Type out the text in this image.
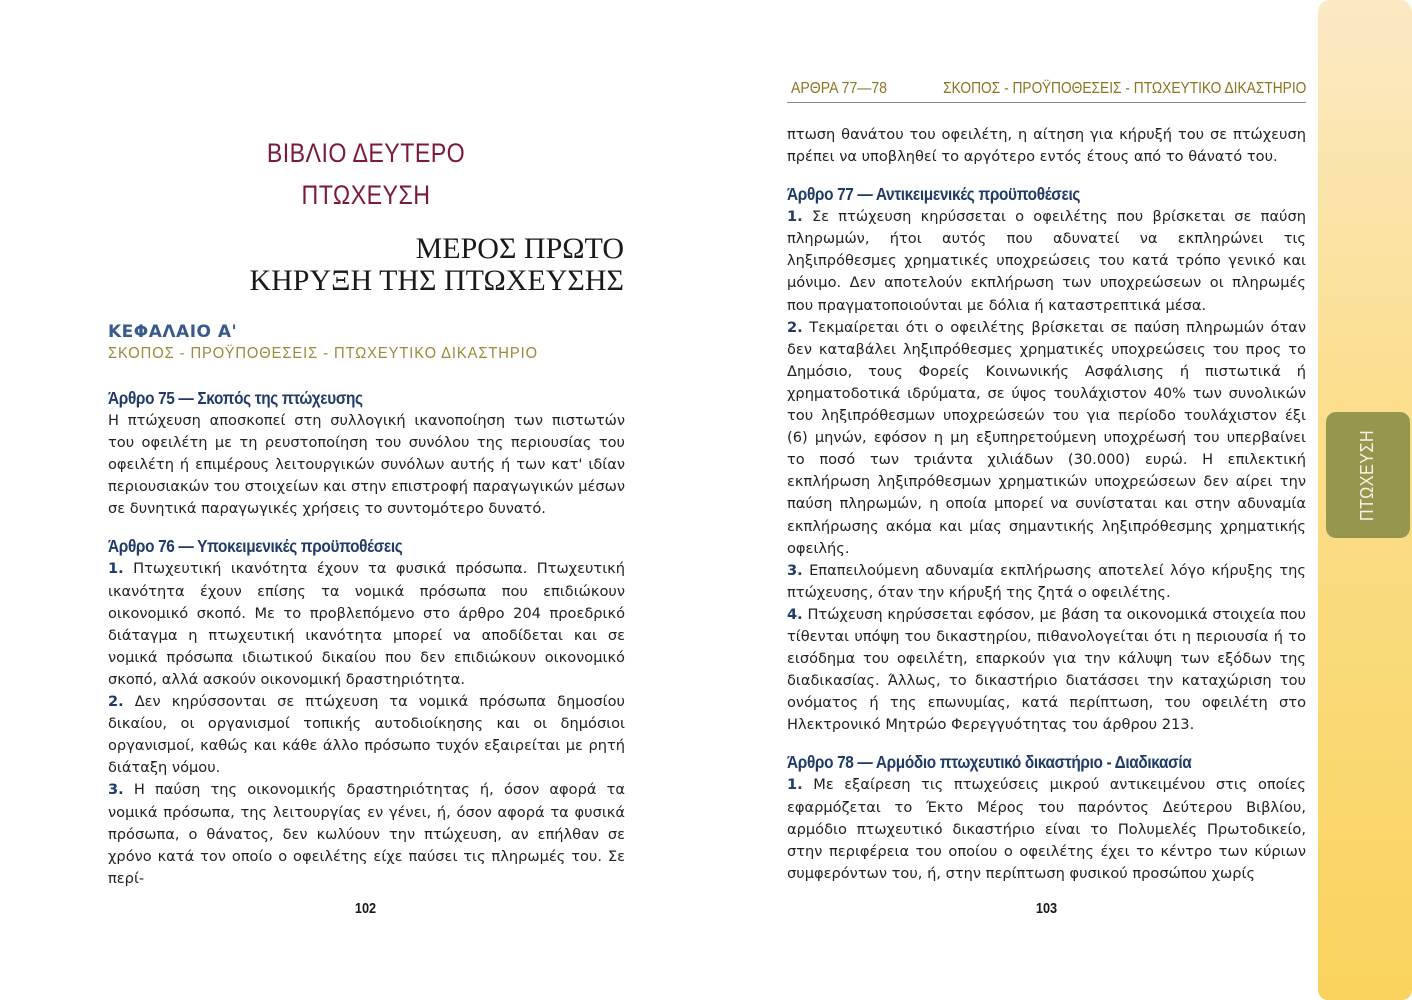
ΒΙΒΛΙΟ ΔΕΥΤΕΡΟ
ΠΤΩΧΕΥΣΗ
ΜΕΡΟΣ ΠΡΩΤΟ
ΚΗΡΥΞΗ ΤΗΣ ΠΤΩΧΕΥΣΗΣ
ΚΕΦΑΛΑΙΟ Α'
ΣΚΟΠΟΣ - ΠΡΟΫΠΟΘΕΣΕΙΣ - ΠΤΩΧΕΥΤΙΚΟ ΔΙΚΑΣΤΗΡΙΟ

Άρθρο 75 — Σκοπός της πτώχευσης

Η πτώχευση αποσκοπεί στη συλλογική ικανοποίηση των πιστωτών του οφειλέτη με τη ρευστοποίηση του συνόλου της περιουσίας του οφειλέτη ή επιμέρους λειτουργικών συνόλων αυτής ή των κατ' ιδίαν περιουσιακών του στοιχείων και στην επιστροφή παραγωγικών μέσων σε δυνητικά παραγωγικές χρήσεις το συντομότερο δυνατό.

Άρθρο 76 — Υποκειμενικές προϋποθέσεις

1. Πτωχευτική ικανότητα έχουν τα φυσικά πρόσωπα. Πτωχευτική ικανότητα έχουν επίσης τα νομικά πρόσωπα που επιδιώκουν οικονομικό σκοπό. Με το προβλεπόμενο στο άρθρο 204 προεδρικό διάταγμα η πτωχευτική ικανότητα μπορεί να αποδίδεται και σε νομικά πρόσωπα ιδιωτικού δικαίου που δεν επιδιώκουν οικονομικό σκοπό, αλλά ασκούν οικονομική δραστηριότητα.

2. Δεν κηρύσσονται σε πτώχευση τα νομικά πρόσωπα δημοσίου δικαίου, οι οργανισμοί τοπικής αυτοδιοίκησης και οι δημόσιοι οργανισμοί, καθώς και κάθε άλλο πρόσωπο τυχόν εξαιρείται με ρητή διάταξη νόμου.

3. Η παύση της οικονομικής δραστηριότητας ή, όσον αφορά τα νομικά πρόσωπα, της λειτουργίας εν γένει, ή, όσον αφορά τα φυσικά πρόσωπα, ο θάνατος, δεν κωλύουν την πτώχευση, αν επήλθαν σε χρόνο κατά τον οποίο ο οφειλέτης είχε παύσει τις πληρωμές του. Σε περί-

102
ΑΡΘΡΑ 77—78	ΣΚΟΠΟΣ - ΠΡΟΫΠΟΘΕΣΕΙΣ - ΠΤΩΧΕΥΤΙΚΟ ΔΙΚΑΣΤΗΡΙΟ

πτωση θανάτου του οφειλέτη, η αίτηση για κήρυξή του σε πτώχευση πρέπει να υποβληθεί το αργότερο εντός έτους από το θάνατό του.

Άρθρο 77 — Αντικειμενικές προϋποθέσεις

1. Σε πτώχευση κηρύσσεται ο οφειλέτης που βρίσκεται σε παύση πληρωμών, ήτοι αυτός που αδυνατεί να εκπληρώνει τις ληξιπρόθεσμες χρηματικές υποχρεώσεις του κατά τρόπο γενικό και μόνιμο. Δεν αποτελούν εκπλήρωση των υποχρεώσεων οι πληρωμές που πραγματοποιούνται με δόλια ή καταστρεπτικά μέσα.

2. Τεκμαίρεται ότι ο οφειλέτης βρίσκεται σε παύση πληρωμών όταν δεν καταβάλει ληξιπρόθεσμες χρηματικές υποχρεώσεις του προς το Δημόσιο, τους Φορείς Κοινωνικής Ασφάλισης ή πιστωτικά ή χρηματοδοτικά ιδρύματα, σε ύψος τουλάχιστον 40% των συνολικών του ληξιπρόθεσμων υποχρεώσεών του για περίοδο τουλάχιστον έξι (6) μηνών, εφόσον η μη εξυπηρετούμενη υποχρέωσή του υπερβαίνει το ποσό των τριάντα χιλιάδων (30.000) ευρώ. Η επιλεκτική εκπλήρωση ληξιπρόθεσμων χρηματικών υποχρεώσεων δεν αίρει την παύση πληρωμών, η οποία μπορεί να συνίσταται και στην αδυναμία εκπλήρωσης ακόμα και μίας σημαντικής ληξιπρόθεσμης χρηματικής οφειλής.

3. Επαπειλούμενη αδυναμία εκπλήρωσης αποτελεί λόγο κήρυξης της πτώχευσης, όταν την κήρυξή της ζητά ο οφειλέτης.

4. Πτώχευση κηρύσσεται εφόσον, με βάση τα οικονομικά στοιχεία που τίθενται υπόψη του δικαστηρίου, πιθανολογείται ότι η περιουσία ή το εισόδημα του οφειλέτη, επαρκούν για την κάλυψη των εξόδων της διαδικασίας. Άλλως, το δικαστήριο διατάσσει την καταχώριση του ονόματος ή της επωνυμίας, κατά περίπτωση, του οφειλέτη στο Ηλεκτρονικό Μητρώο Φερεγγυότητας του άρθρου 213.

Άρθρο 78 — Αρμόδιο πτωχευτικό δικαστήριο - Διαδικασία

1. Με εξαίρεση τις πτωχεύσεις μικρού αντικειμένου στις οποίες εφαρμόζεται το Έκτο Μέρος του παρόντος Δεύτερου Βιβλίου, αρμόδιο πτωχευτικό δικαστήριο είναι το Πολυμελές Πρωτοδικείο, στην περιφέρεια του οποίου ο οφειλέτης έχει το κέντρο των κύριων συμφερόντων του, ή, στην περίπτωση φυσικού προσώπου χωρίς

103
ΠΤΩΧΕΥΣΗ
